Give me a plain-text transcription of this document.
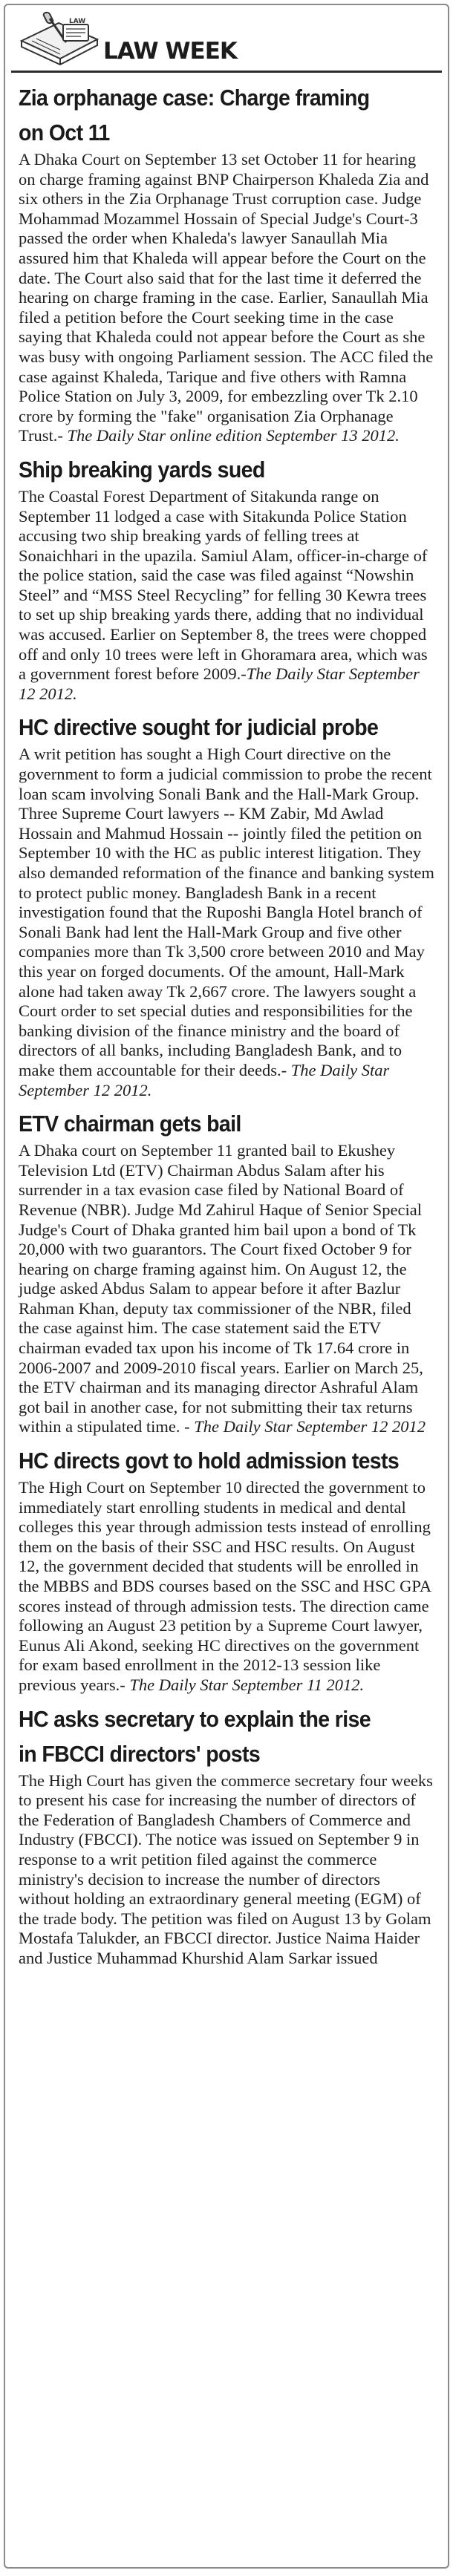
LAW
LAW WEEK
Zia orphanage case: Charge framing
on Oct 11

A Dhaka Court on September 13 set October 11 for hearing on charge framing against BNP Chairperson Khaleda Zia and six others in the Zia Orphanage Trust corruption case. Judge Mohammad Mozammel Hossain of Special Judge's Court-3 passed the order when Khaleda's lawyer Sanaullah Mia assured him that Khaleda will appear before the Court on the date. The Court also said that for the last time it deferred the hearing on charge framing in the case. Earlier, Sanaullah Mia filed a petition before the Court seeking time in the case saying that Khaleda could not appear before the Court as she was busy with ongoing Parliament session. The ACC filed the case against Khaleda, Tarique and five others with Ramna Police Station on July 3, 2009, for embezzling over Tk 2.10 crore by forming the "fake" organisation Zia Orphanage Trust.- The Daily Star online edition September 13 2012.

Ship breaking yards sued

The Coastal Forest Department of Sitakunda range on September 11 lodged a case with Sitakunda Police Station accusing two ship breaking yards of felling trees at Sonaichhari in the upazila. Samiul Alam, officer-in-charge of the police station, said the case was filed against “Nowshin Steel” and “MSS Steel Recycling” for felling 30 Kewra trees to set up ship breaking yards there, adding that no individual was accused. Earlier on September 8, the trees were chopped off and only 10 trees were left in Ghoramara area, which was a government forest before 2009.-The Daily Star September 12 2012.

HC directive sought for judicial probe

A writ petition has sought a High Court directive on the government to form a judicial commission to probe the recent loan scam involving Sonali Bank and the Hall-Mark Group. Three Supreme Court lawyers -- KM Zabir, Md Awlad Hossain and Mahmud Hossain -- jointly filed the petition on September 10 with the HC as public interest litigation. They also demanded reformation of the finance and banking system to protect public money. Bangladesh Bank in a recent investigation found that the Ruposhi Bangla Hotel branch of Sonali Bank had lent the Hall-Mark Group and five other companies more than Tk 3,500 crore between 2010 and May this year on forged documents. Of the amount, Hall-Mark alone had taken away Tk 2,667 crore. The lawyers sought a Court order to set special duties and responsibilities for the banking division of the finance ministry and the board of directors of all banks, including Bangladesh Bank, and to make them accountable for their deeds.- The Daily Star September 12 2012.

ETV chairman gets bail

A Dhaka court on September 11 granted bail to Ekushey Television Ltd (ETV) Chairman Abdus Salam after his surrender in a tax evasion case filed by National Board of Revenue (NBR). Judge Md Zahirul Haque of Senior Special Judge's Court of Dhaka granted him bail upon a bond of Tk 20,000 with two guarantors. The Court fixed October 9 for hearing on charge framing against him. On August 12, the judge asked Abdus Salam to appear before it after Bazlur Rahman Khan, deputy tax commissioner of the NBR, filed the case against him. The case statement said the ETV chairman evaded tax upon his income of Tk 17.64 crore in 2006-2007 and 2009-2010 fiscal years. Earlier on March 25, the ETV chairman and its managing director Ashraful Alam got bail in another case, for not submitting their tax returns within a stipulated time. - The Daily Star September 12 2012

HC directs govt to hold admission tests

The High Court on September 10 directed the government to immediately start enrolling students in medical and dental colleges this year through admission tests instead of enrolling them on the basis of their SSC and HSC results. On August 12, the government decided that students will be enrolled in the MBBS and BDS courses based on the SSC and HSC GPA scores instead of through admission tests. The direction came following an August 23 petition by a Supreme Court lawyer, Eunus Ali Akond, seeking HC directives on the government for exam based enrollment in the 2012-13 session like previous years.- The Daily Star September 11 2012.

HC asks secretary to explain the rise
in FBCCI directors' posts

The High Court has given the commerce secretary four weeks to present his case for increasing the number of directors of the Federation of Bangladesh Chambers of Commerce and Industry (FBCCI). The notice was issued on September 9 in response to a writ petition filed against the commerce ministry's decision to increase the number of directors without holding an extraordinary general meeting (EGM) of the trade body. The petition was filed on August 13 by Golam Mostafa Talukder, an FBCCI director. Justice Naima Haider and Justice Muhammad Khurshid Alam Sarkar issued
